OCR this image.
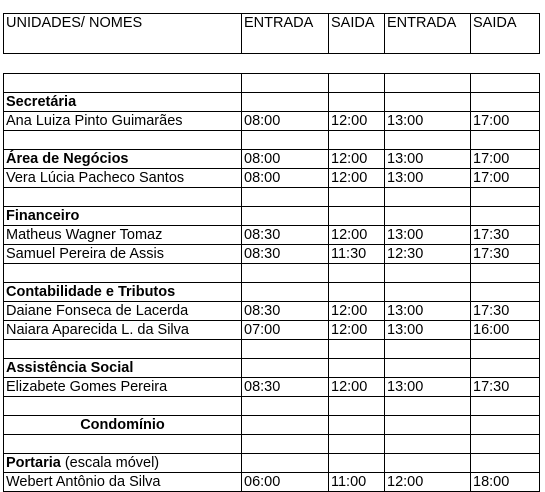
UNIDADES/ NOMES	ENTRADA	SAIDA	ENTRADA	SAIDA

Secretária				
Ana Luiza Pinto Guimarães	08:00	12:00	13:00	17:00

Área de Negócios	08:00	12:00	13:00	17:00
Vera Lúcia Pacheco Santos	08:00	12:00	13:00	17:00

Financeiro				
Matheus Wagner Tomaz	08:30	12:00	13:00	17:30
Samuel Pereira de Assis	08:30	11:30	12:30	17:30

Contabilidade e Tributos				
Daiane Fonseca de Lacerda	08:30	12:00	13:00	17:30
Naiara Aparecida L. da Silva	07:00	12:00	13:00	16:00

Assistência Social				
Elizabete Gomes Pereira	08:30	12:00	13:00	17:30

Condomínio				

Portaria (escala móvel)				
Webert Antônio da Silva	06:00	11:00	12:00	18:00
